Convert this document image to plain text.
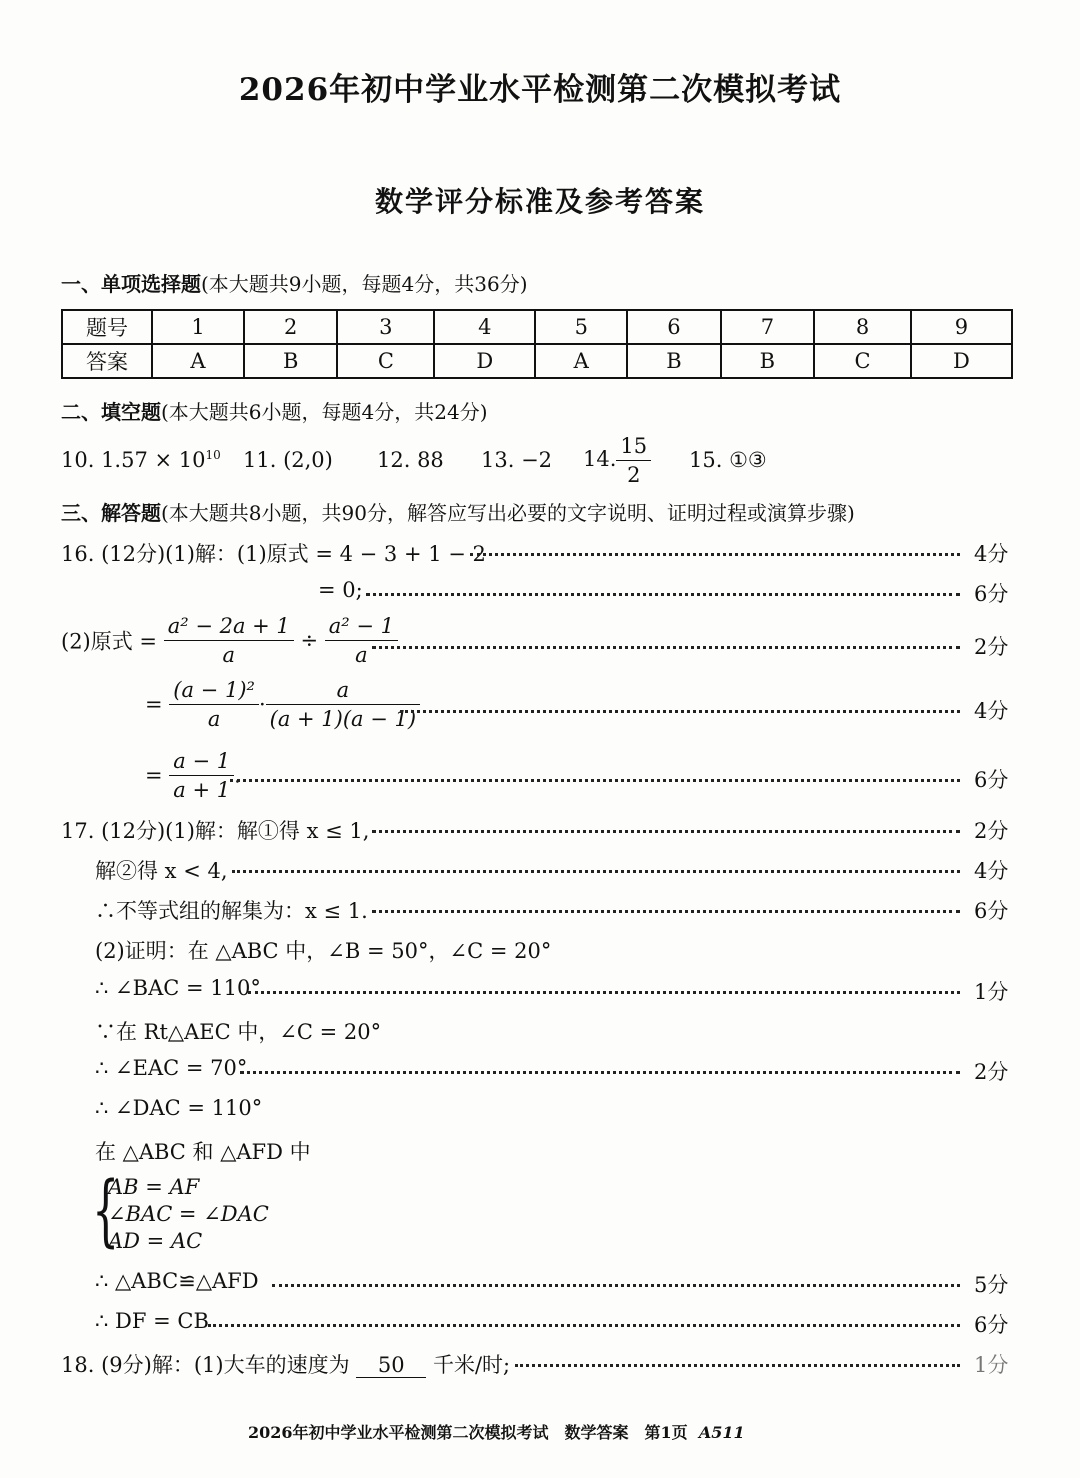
2026年初中学业水平检测第二次模拟考试
数学评分标准及参考答案
一、单项选择题(本大题共9小题，每题4分，共36分)
题号	1	2	3	4	5	6	7	8	9
答案	A	B	C	D	A	B	B	C	D
二、填空题(本大题共6小题，每题4分，共24分)
10. $1.57 \times 10^{10}$ 11. (2,0) 12. 88 13. −2 14. $\frac{15}{2} 15$. ①③
三、解答题(本大题共8小题，共90分，解答应写出必要的文字说明、证明过程或演算步骤)
16. (12分)(1)解：(1)原式 = 4 − 3 + 1 − 2	4分
= 0;	6分
(2)原式 = $\frac{\text{a² − 2a + 1}}{a} \div \frac{\text{a² − 1}}{a}$	2分
= $\frac{\text{(a − 1)²}}{a} \cdot \frac{a}{(a + 1)(a - 1)}$	4分
= $\frac{a - 1}{a + 1}$ .	6分
17. (12分)(1)解：解①得 x ≤ 1,	2分
解②得 x < 4,	4分
∴不等式组的解集为：x ≤ 1.	6分
(2)证明：在 △ABC 中，∠B = 50°，∠C = 20°
∴ ∠BAC = 110°	1分
∵在 Rt△AEC 中，∠C = 20°
∴ ∠EAC = 70°	2分
∴ ∠DAC = 110°
在 △ABC 和 △AFD 中
{
AB = AF
∠BAC = ∠DAC
AD = AC
∴ △ABC≌△AFD	5分
∴ DF = CB	6分
18. (9分)解：(1)大车的速度为 50 千米/时;	1分
2026年初中学业水平检测第二次模拟考试　数学答案　第1页 A511
